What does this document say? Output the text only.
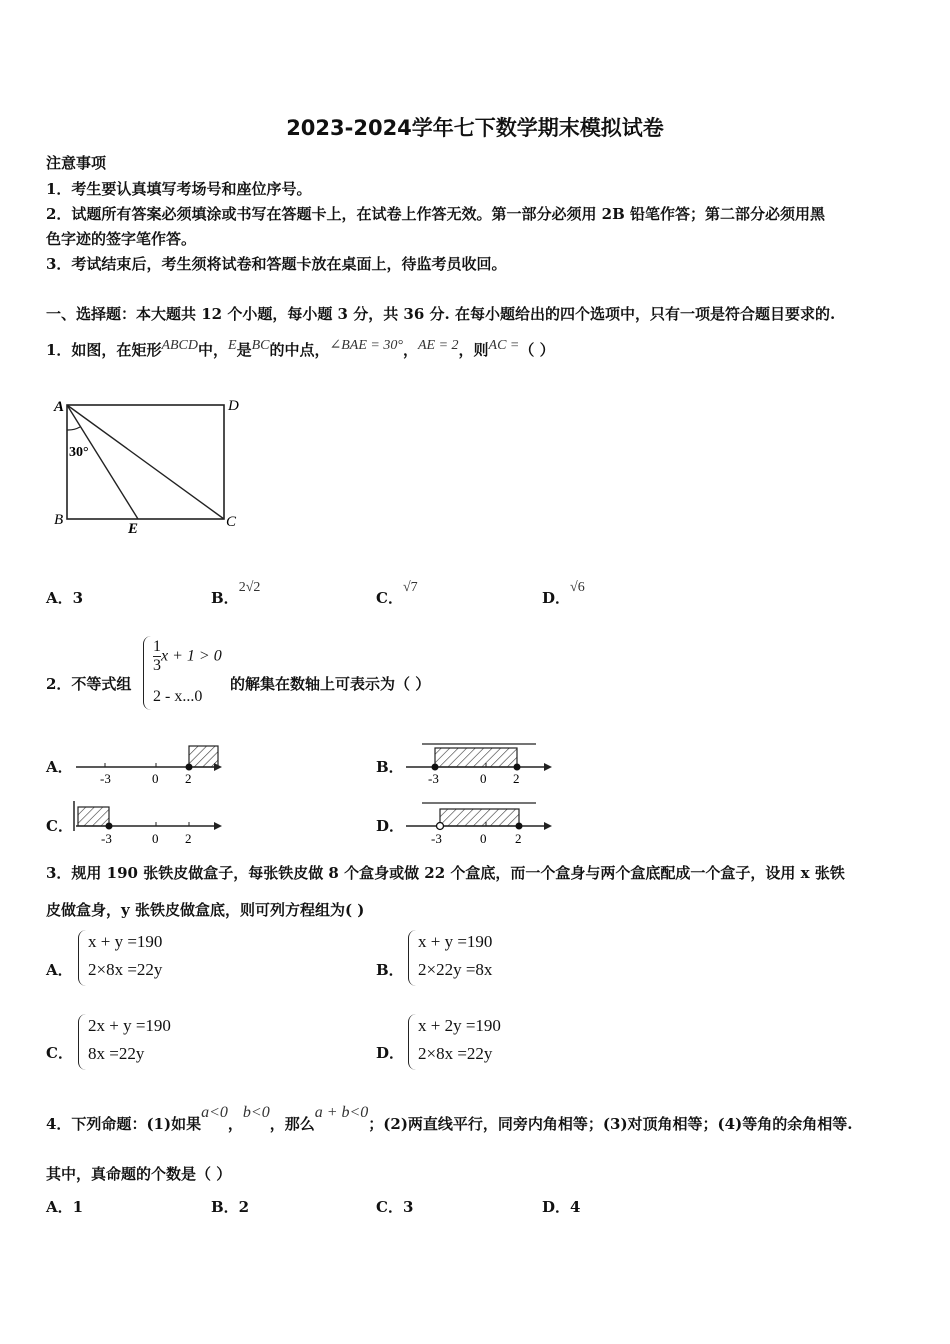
2023-2024学年七下数学期末模拟试卷
注意事项
1．考生要认真填写考场号和座位序号。
2．试题所有答案必须填涂或书写在答题卡上，在试卷上作答无效。第一部分必须用 2B 铅笔作答；第二部分必须用黑
色字迹的签字笔作答。
3．考试结束后，考生须将试卷和答题卡放在桌面上，待监考员收回。
一、选择题：本大题共 12 个小题，每小题 3 分，共 36 分. 在每小题给出的四个选项中，只有一项是符合题目要求的.
1．如图，在矩形ABCD中，E是BC的中点，∠BAE = 30°，AE = 2，则AC =（ ）
A	D
B	C
E
30°
A．3	B．2√2
C．√7
D．√6
2．不等式组
$\frac{1}{3}$ x + 1 > 0
2 - x...0
的解集在数轴上可表示为（ ）
A．
-3	0 2
B．
-3	0 2
C．
-3	0 2
D．
-3	0 2
3．规用 190 张铁皮做盒子，每张铁皮做 8 个盒身或做 22 个盒底，而一个盒身与两个盒底配成一个盒子，设用 x 张铁
皮做盒身，y 张铁皮做盒底，则可列方程组为( )
A．
x + y =190
2×8x =22y	B．
x + y =190
2×22y =8x
C．
2x + y =190
8x =22y	D．
x + 2y =190
2×8x =22y
4．下列命题：(1)如果a<0，b<0，那么a + b<0；(2)两直线平行，同旁内角相等；(3)对顶角相等；(4)等角的余角相等.
其中，真命题的个数是（ ）
A．1	B．2	C．3	D．4
